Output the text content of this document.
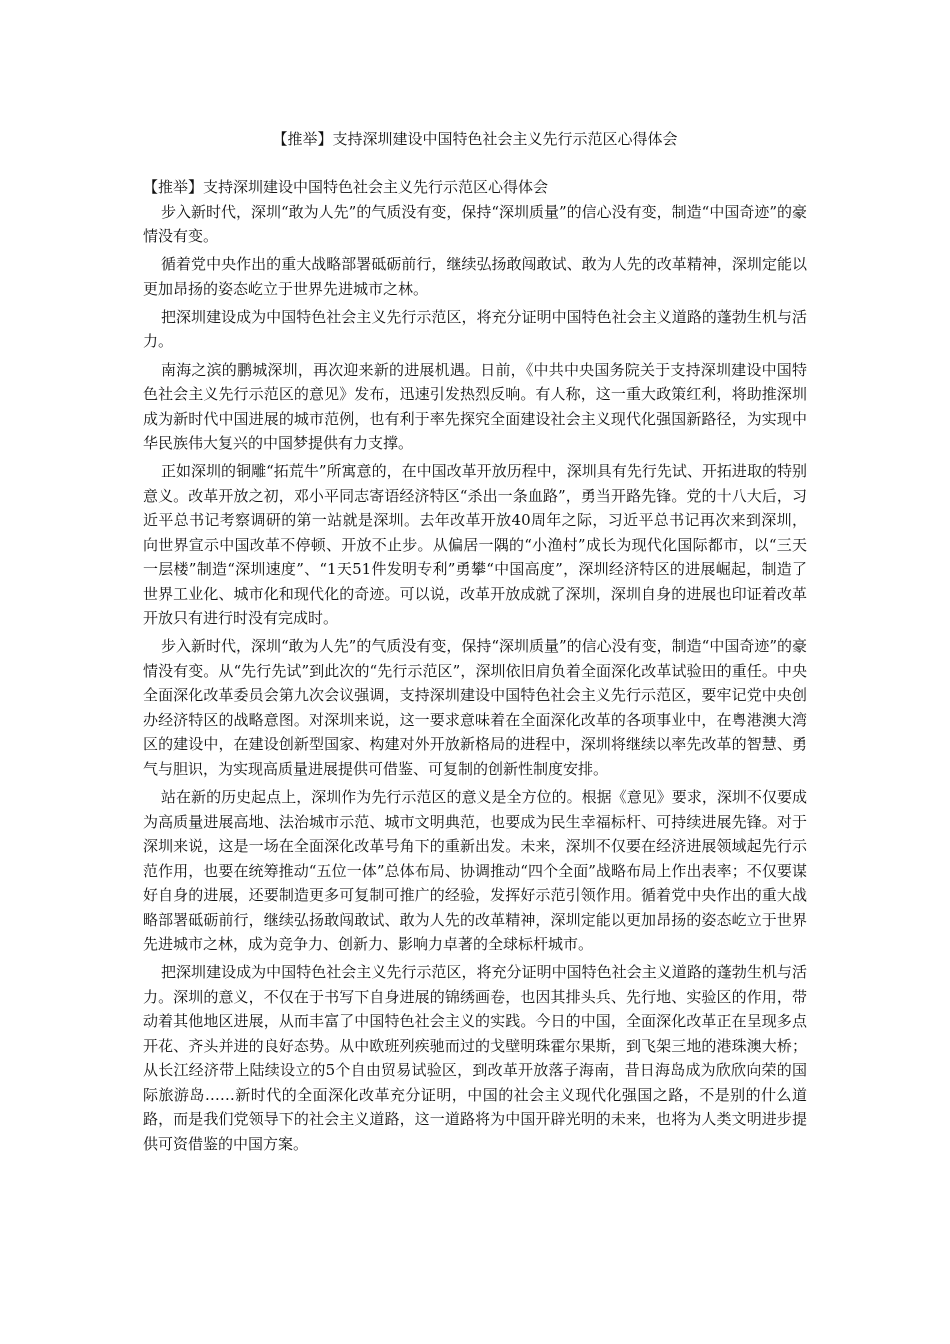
【推举】支持深圳建设中国特色社会主义先行示范区心得体会

【推举】支持深圳建设中国特色社会主义先行示范区心得体会

步入新时代，深圳“敢为人先”的气质没有变，保持“深圳质量”的信心没有变，制造“中国奇迹”的豪情没有变。

循着党中央作出的重大战略部署砥砺前行，继续弘扬敢闯敢试、敢为人先的改革精神，深圳定能以更加昂扬的姿态屹立于世界先进城市之林。

把深圳建设成为中国特色社会主义先行示范区，将充分证明中国特色社会主义道路的蓬勃生机与活力。

南海之滨的鹏城深圳，再次迎来新的进展机遇。日前，《中共中央国务院关于支持深圳建设中国特色社会主义先行示范区的意见》发布，迅速引发热烈反响。有人称，这一重大政策红利，将助推深圳成为新时代中国进展的城市范例，也有利于率先探究全面建设社会主义现代化强国新路径，为实现中华民族伟大复兴的中国梦提供有力支撑。

正如深圳的铜雕“拓荒牛”所寓意的，在中国改革开放历程中，深圳具有先行先试、开拓进取的特别意义。改革开放之初，邓小平同志寄语经济特区“杀出一条血路”，勇当开路先锋。党的十八大后，习近平总书记考察调研的第一站就是深圳。去年改革开放40周年之际，习近平总书记再次来到深圳，向世界宣示中国改革不停顿、开放不止步。从偏居一隅的“小渔村”成长为现代化国际都市，以“三天一层楼”制造“深圳速度”、“1天51件发明专利”勇攀“中国高度”，深圳经济特区的进展崛起，制造了世界工业化、城市化和现代化的奇迹。可以说，改革开放成就了深圳，深圳自身的进展也印证着改革开放只有进行时没有完成时。

步入新时代，深圳“敢为人先”的气质没有变，保持“深圳质量”的信心没有变，制造“中国奇迹”的豪情没有变。从“先行先试”到此次的“先行示范区”，深圳依旧肩负着全面深化改革试验田的重任。中央全面深化改革委员会第九次会议强调，支持深圳建设中国特色社会主义先行示范区，要牢记党中央创办经济特区的战略意图。对深圳来说，这一要求意味着在全面深化改革的各项事业中，在粤港澳大湾区的建设中，在建设创新型国家、构建对外开放新格局的进程中，深圳将继续以率先改革的智慧、勇气与胆识，为实现高质量进展提供可借鉴、可复制的创新性制度安排。

站在新的历史起点上，深圳作为先行示范区的意义是全方位的。根据《意见》要求，深圳不仅要成为高质量进展高地、法治城市示范、城市文明典范，也要成为民生幸福标杆、可持续进展先锋。对于深圳来说，这是一场在全面深化改革号角下的重新出发。未来，深圳不仅要在经济进展领域起先行示范作用，也要在统筹推动“五位一体”总体布局、协调推动“四个全面”战略布局上作出表率；不仅要谋好自身的进展，还要制造更多可复制可推广的经验，发挥好示范引领作用。循着党中央作出的重大战略部署砥砺前行，继续弘扬敢闯敢试、敢为人先的改革精神，深圳定能以更加昂扬的姿态屹立于世界先进城市之林，成为竞争力、创新力、影响力卓著的全球标杆城市。

把深圳建设成为中国特色社会主义先行示范区，将充分证明中国特色社会主义道路的蓬勃生机与活力。深圳的意义，不仅在于书写下自身进展的锦绣画卷，也因其排头兵、先行地、实验区的作用，带动着其他地区进展，从而丰富了中国特色社会主义的实践。今日的中国，全面深化改革正在呈现多点开花、齐头并进的良好态势。从中欧班列疾驰而过的戈壁明珠霍尔果斯，到飞架三地的港珠澳大桥；从长江经济带上陆续设立的5个自由贸易试验区，到改革开放落子海南，昔日海岛成为欣欣向荣的国际旅游岛……新时代的全面深化改革充分证明，中国的社会主义现代化强国之路，不是别的什么道路，而是我们党领导下的社会主义道路，这一道路将为中国开辟光明的未来，也将为人类文明进步提供可资借鉴的中国方案。
